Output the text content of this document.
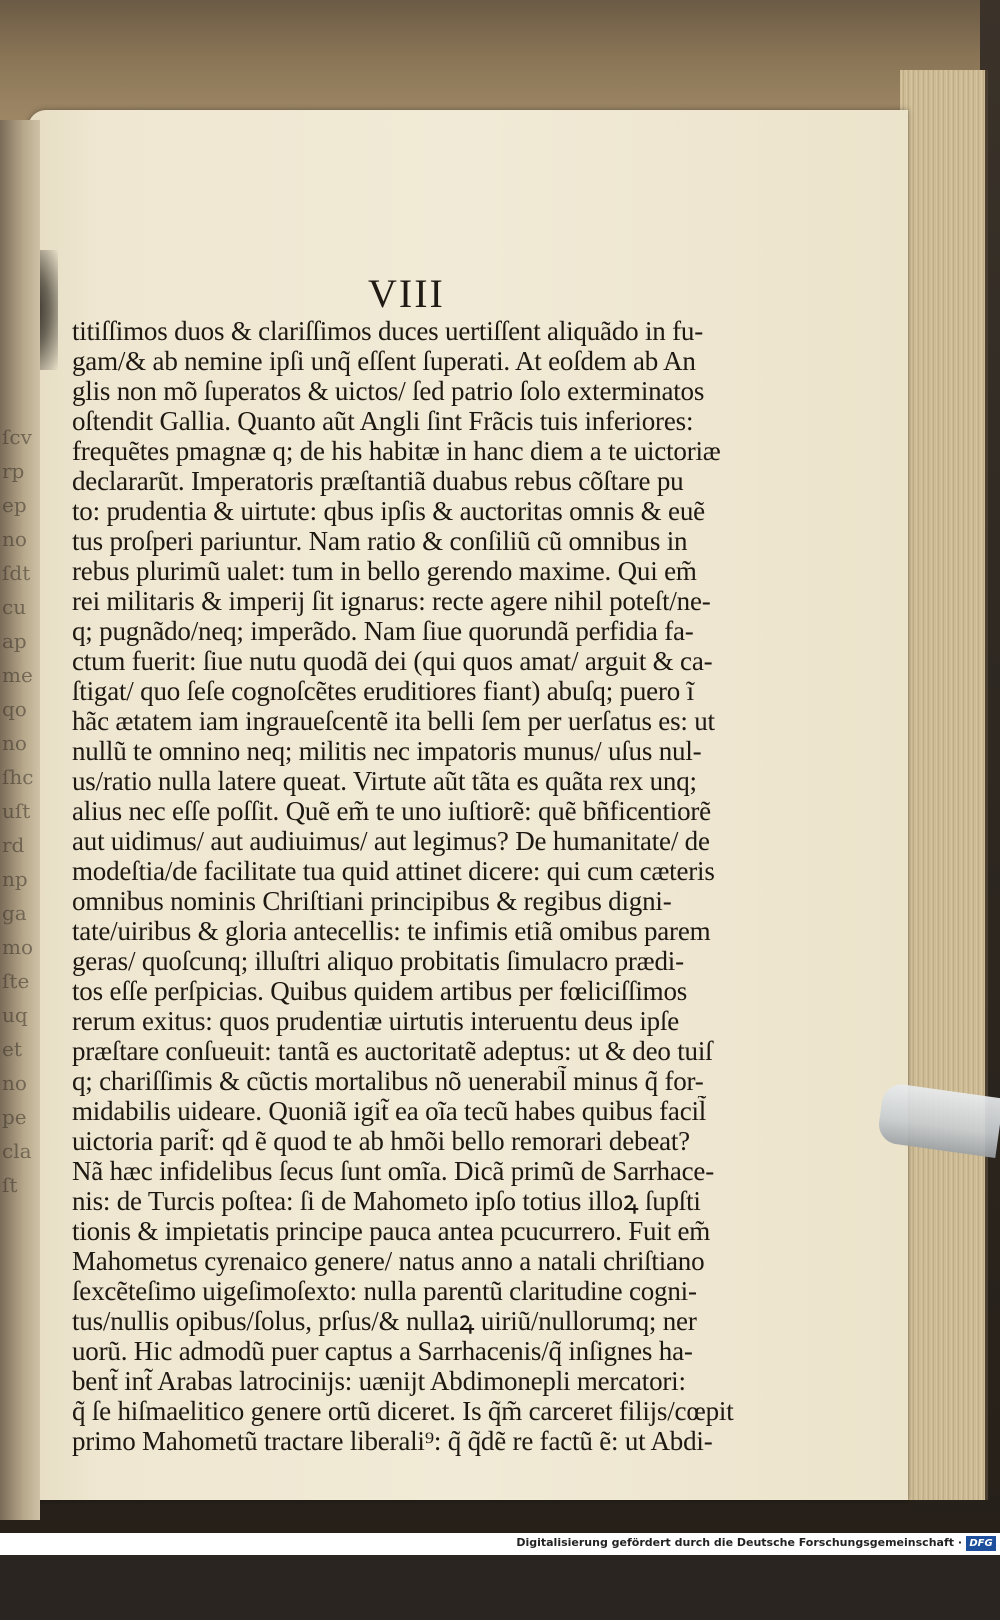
VIII
titiſſimos duos & clariſſimos duces uertiſſent aliquãdo in fu-
gam/& ab nemine ipſi unq̃ eſſent ſuperati. At eoſdem ab An
glis non mõ ſuperatos & uictos/ ſed patrio ſolo exterminatos
oſtendit Gallia. Quanto aũt Angli ſint Frãcis tuis inferiores:
frequẽtes pmagnæ q; de his habitæ in hanc diem a te uictoriæ
declararũt. Imperatoris præſtantiã duabus rebus cõſtare pu
to: prudentia & uirtute: qbus ipſis & auctoritas omnis & euẽ
tus proſperi pariuntur. Nam ratio & conſiliũ cũ omnibus in
rebus plurimũ ualet: tum in bello gerendo maxime. Qui em̃
rei militaris & imperij ſit ignarus: recte agere nihil poteſt/ne-
q; pugnãdo/neq; imperãdo. Nam ſiue quorundã perfidia fa-
ctum fuerit: ſiue nutu quodã dei (qui quos amat/ arguit & ca-
ſtigat/ quo ſeſe cognoſcẽtes eruditiores fiant) abuſq; puero ĩ
hãc ætatem iam ingraueſcentẽ ita belli ſem per uerſatus es: ut
nullũ te omnino neq; militis nec impatoris munus/ uſus nul-
us/ratio nulla latere queat. Virtute aũt tãta es quãta rex unq;
alius nec eſſe poſſit. Quẽ em̃ te uno iuſtiorẽ: quẽ bñficentiorẽ
aut uidimus/ aut audiuimus/ aut legimus? De humanitate/ de
modeſtia/de facilitate tua quid attinet dicere: qui cum cæteris
omnibus nominis Chriſtiani principibus & regibus digni-
tate/uiribus & gloria antecellis: te infimis etiã omibus parem
geras/ quoſcunq; illuſtri aliquo probitatis ſimulacro prædi-
tos eſſe perſpicias. Quibus quidem artibus per fœliciſſimos
rerum exitus: quos prudentiæ uirtutis interuentu deus ipſe
præſtare conſueuit: tantã es auctoritatẽ adeptus: ut & deo tuiſ
q; chariſſimis & cũctis mortalibus nõ uenerabil̃ minus q̃ for-
midabilis uideare. Quoniã igit̃ ea oĩa tecũ habes quibus facil̃
uictoria parit̃: qd ẽ quod te ab hmõi bello remorari debeat?
Nã hæc infidelibus ſecus ſunt omĩa. Dicã primũ de Sarrhace-
nis: de Turcis poſtea: ſi de Mahometo ipſo totius illoꝝ ſupſti
tionis & impietatis principe pauca antea pcucurrero. Fuit em̃
Mahometus cyrenaico genere/ natus anno a natali chriſtiano
ſexcẽteſimo uigeſimoſexto: nulla parentũ claritudine cogni-
tus/nullis opibus/ſolus, prſus/& nullaꝝ uiriũ/nullorumq; ner
uorũ. Hic admodũ puer captus a Sarrhacenis/q̃ inſignes ha-
bent̃ int̃ Arabas latrocinijs: uænijt Abdimonepli mercatori:
q̃ ſe hiſmaelitico genere ortũ diceret. Is q̃m̃ carceret filijs/cœpit
primo Mahometũ tractare liberali⁹: q̃ q̃dẽ re factũ ẽ: ut Abdi-
ſcvrpepnoſdtcuapmeqonoſhcuſtrdnpgamoſteuqetnopeclaſt
Digitalisierung gefördert durch die Deutsche Forschungsgemeinschaft · DFG
